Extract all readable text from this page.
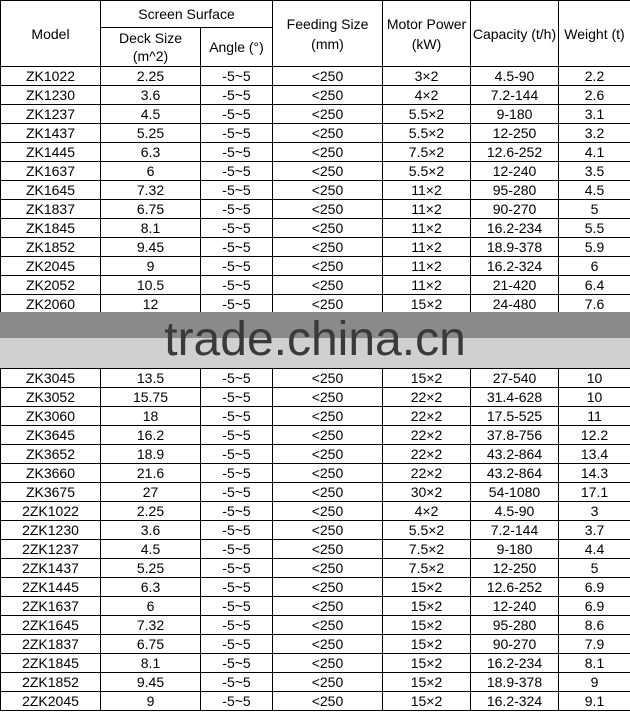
Model	Screen Surface		Feeding Size (mm)	Motor Power (kW)	Capacity (t/h)	Weight (t)
	Deck Size (m^2)	Angle (°)				
ZK1022	2.25	-5~5	<250	3×2	4.5-90	2.2
ZK1230	3.6	-5~5	<250	4×2	7.2-144	2.6
ZK1237	4.5	-5~5	<250	5.5×2	9-180	3.1
ZK1437	5.25	-5~5	<250	5.5×2	12-250	3.2
ZK1445	6.3	-5~5	<250	7.5×2	12.6-252	4.1
ZK1637	6	-5~5	<250	5.5×2	12-240	3.5
ZK1645	7.32	-5~5	<250	11×2	95-280	4.5
ZK1837	6.75	-5~5	<250	11×2	90-270	5
ZK1845	8.1	-5~5	<250	11×2	16.2-234	5.5
ZK1852	9.45	-5~5	<250	11×2	18.9-378	5.9
ZK2045	9	-5~5	<250	11×2	16.2-324	6
ZK2052	10.5	-5~5	<250	11×2	21-420	6.4
ZK2060	12	-5~5	<250	15×2	24-480	7.6
trade.china.cn
ZK3045	13.5	-5~5	<250	15×2	27-540	10
ZK3052	15.75	-5~5	<250	22×2	31.4-628	10
ZK3060	18	-5~5	<250	22×2	17.5-525	11
ZK3645	16.2	-5~5	<250	22×2	37.8-756	12.2
ZK3652	18.9	-5~5	<250	22×2	43.2-864	13.4
ZK3660	21.6	-5~5	<250	22×2	43.2-864	14.3
ZK3675	27	-5~5	<250	30×2	54-1080	17.1
2ZK1022	2.25	-5~5	<250	4×2	4.5-90	3
2ZK1230	3.6	-5~5	<250	5.5×2	7.2-144	3.7
2ZK1237	4.5	-5~5	<250	7.5×2	9-180	4.4
2ZK1437	5.25	-5~5	<250	7.5×2	12-250	5
2ZK1445	6.3	-5~5	<250	15×2	12.6-252	6.9
2ZK1637	6	-5~5	<250	15×2	12-240	6.9
2ZK1645	7.32	-5~5	<250	15×2	95-280	8.6
2ZK1837	6.75	-5~5	<250	15×2	90-270	7.9
2ZK1845	8.1	-5~5	<250	15×2	16.2-234	8.1
2ZK1852	9.45	-5~5	<250	15×2	18.9-378	9
2ZK2045	9	-5~5	<250	15×2	16.2-324	9.1
